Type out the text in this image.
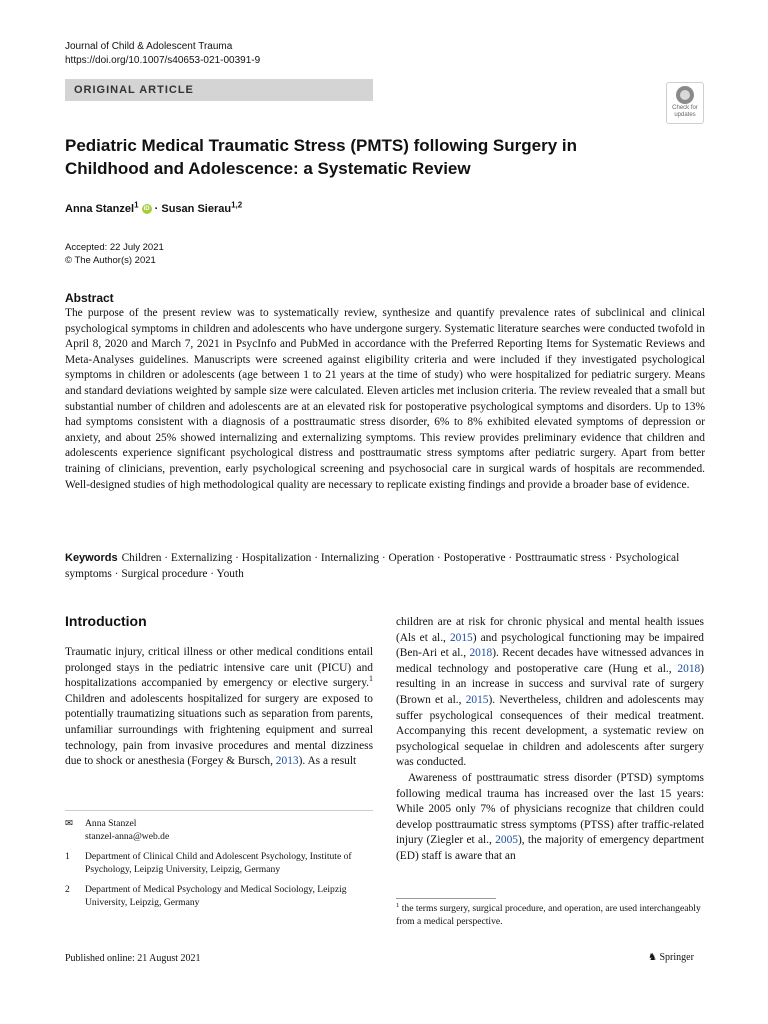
Journal of Child & Adolescent Trauma
https://doi.org/10.1007/s40653-021-00391-9
ORIGINAL ARTICLE
Check for
updates
Pediatric Medical Traumatic Stress (PMTS) following Surgery in Childhood and Adolescence: a Systematic Review
Anna Stanzel$^1$ iD · Susan Sierau$^{1,2}$
Accepted: 22 July 2021
© The Author(s) 2021
Abstract
The purpose of the present review was to systematically review, synthesize and quantify prevalence rates of subclinical and clinical psychological symptoms in children and adolescents who have undergone surgery. Systematic literature searches were conducted twofold in April 8, 2020 and March 7, 2021 in PsycInfo and PubMed in accordance with the Preferred Reporting Items for Systematic Reviews and Meta-Analyses guidelines. Manuscripts were screened against eligibility criteria and were included if they investigated psychological symptoms in children or adolescents (age between 1 to 21 years at the time of study) who were hospitalized for pediatric surgery. Means and standard deviations weighted by sample size were calculated. Eleven articles met inclusion criteria. The review revealed that a small but substantial number of children and adolescents are at an elevated risk for postoperative psychological symptoms and disorders. Up to 13% had symptoms consistent with a diagnosis of a posttraumatic stress disorder, 6% to 8% exhibited elevated symptoms of depression or anxiety, and about 25% showed internalizing and externalizing symptoms. This review provides preliminary evidence that children and adolescents experience significant psychological distress and posttraumatic stress symptoms after pediatric surgery. Apart from better training of clinicians, prevention, early psychological screening and psychosocial care in surgical wards of hospitals are recommended. Well-designed studies of high methodological quality are necessary to replicate existing findings and provide a broader base of evidence.
Keywords Children · Externalizing · Hospitalization · Internalizing · Operation · Postoperative · Posttraumatic stress · Psychological symptoms · Surgical procedure · Youth
Introduction
Traumatic injury, critical illness or other medical conditions entail prolonged stays in the pediatric intensive care unit (PICU) and hospitalizations accompanied by emergency or elective surgery.$^1$ Children and adolescents hospitalized for surgery are exposed to potentially traumatizing situations such as separation from parents, unfamiliar surroundings with frightening equipment and surreal technology, pain from invasive procedures and mental dizziness due to shock or anesthesia (Forgey & Bursch, 2013). As a result

children are at risk for chronic physical and mental health issues (Als et al., 2015) and psychological functioning may be impaired (Ben-Ari et al., 2018). Recent decades have witnessed advances in medical technology and postoperative care (Hung et al., 2018) resulting in an increase in success and survival rate of surgery (Brown et al., 2015). Nevertheless, children and adolescents may suffer psychological consequences of their medical treatment. Accompanying this recent development, a systematic review on psychological sequelae in children and adolescents after surgery was conducted.

Awareness of posttraumatic stress disorder (PTSD) symptoms following medical trauma has increased over the last 15 years: While 2005 only 7% of physicians recognize that children could develop posttraumatic stress symptoms (PTSS) after traffic-related injury (Ziegler et al., 2005), the majority of emergency department (ED) staff is aware that an

✉	Anna Stanzel
stanzel-anna@web.de
1	Department of Clinical Child and Adolescent Psychology, Institute of Psychology, Leipzig University, Leipzig, Germany
2	Department of Medical Psychology and Medical Sociology, Leipzig University, Leipzig, Germany	$^1$ the terms surgery, surgical procedure, and operation, are used interchangeably from a medical perspective.
Published online: 21 August 2021	♞ Springer
